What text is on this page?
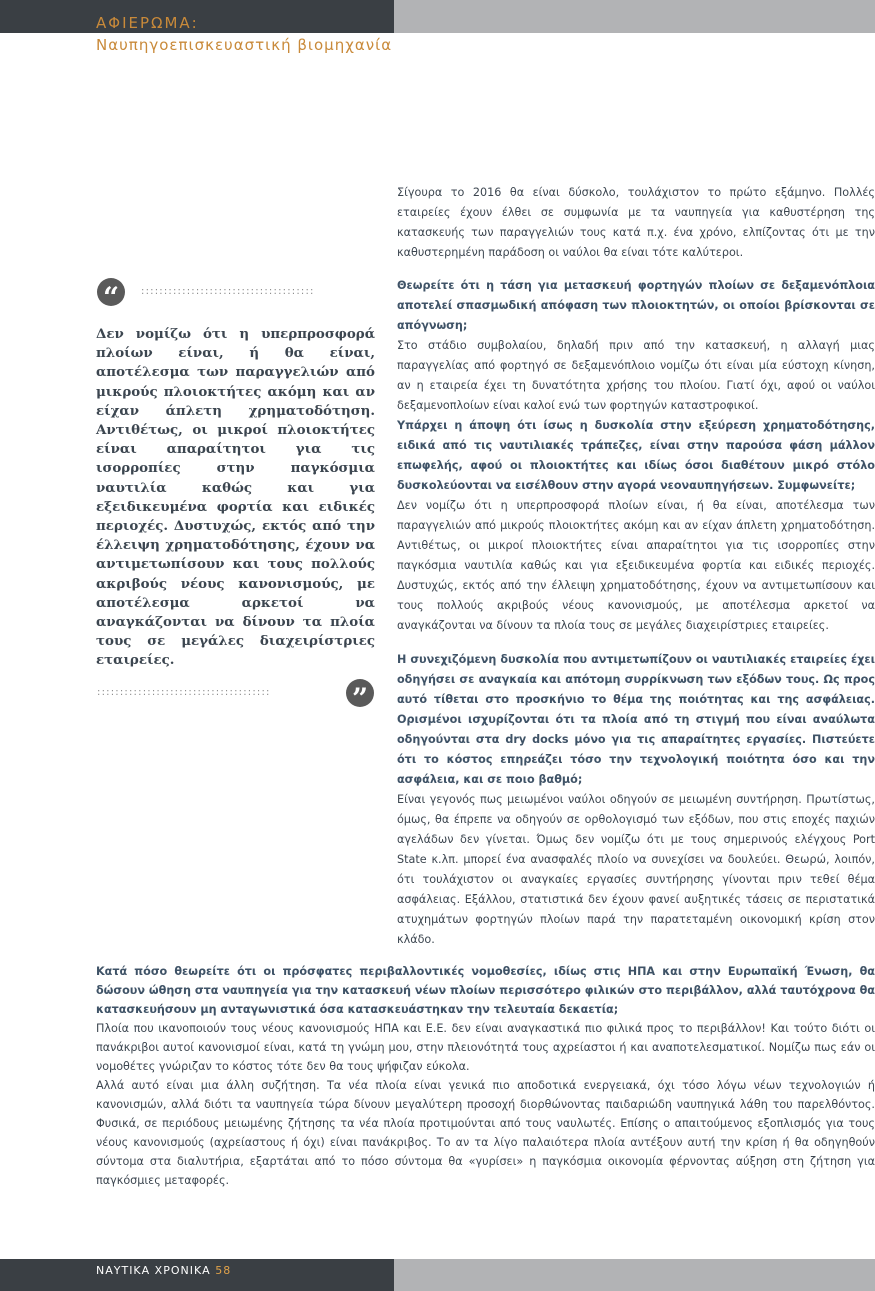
ΑΦΙΕΡΩΜΑ:
Ναυπηγοεπισκευαστική βιομηχανία

Σίγουρα το 2016 θα είναι δύσκολο, τουλάχιστον το πρώτο εξάμηνο. Πολλές εταιρείες έχουν έλθει σε συμφωνία με τα ναυπηγεία για καθυστέρηση της κατασκευής των παραγγελιών τους κατά π.χ. ένα χρόνο, ελπίζοντας ότι με την καθυστερημένη παράδοση οι ναύλοι θα είναι τότε καλύτεροι.

“	::::::::::::::::::::::::::::::::::::::

Δεν νομίζω ότι η υπερπροσφορά πλοίων είναι, ή θα είναι, αποτέλεσμα των παραγγελιών από μικρούς πλοιοκτήτες ακόμη και αν είχαν άπλετη χρηματοδότηση. Αντιθέτως, οι μικροί πλοιοκτήτες είναι απαραίτητοι για τις ισορροπίες στην παγκόσμια ναυτιλία καθώς και για εξειδικευμένα φορτία και ειδικές περιοχές. Δυστυχώς, εκτός από την έλλειψη χρηματοδότησης, έχουν να αντιμετωπίσουν και τους πολλούς ακριβούς νέους κανονισμούς, με αποτέλεσμα αρκετοί να αναγκάζονται να δίνουν τα πλοία τους σε μεγάλες διαχειρίστριες εταιρείες.

::::::::::::::::::::::::::::::::::::::	”

Θεωρείτε ότι η τάση για μετασκευή φορτηγών πλοίων σε δεξαμενόπλοια αποτελεί σπασμωδική απόφαση των πλοιοκτητών, οι οποίοι βρίσκονται σε απόγνωση;

Στο στάδιο συμβολαίου, δηλαδή πριν από την κατασκευή, η αλλαγή μιας παραγγελίας από φορτηγό σε δεξαμενόπλοιο νομίζω ότι είναι μία εύστοχη κίνηση, αν η εταιρεία έχει τη δυνατότητα χρήσης του πλοίου. Γιατί όχι, αφού οι ναύλοι δεξαμενοπλοίων είναι καλοί ενώ των φορτηγών καταστροφικοί.

Υπάρχει η άποψη ότι ίσως η δυσκολία στην εξεύρεση χρηματοδότησης, ειδικά από τις ναυτιλιακές τράπεζες, είναι στην παρούσα φάση μάλλον επωφελής, αφού οι πλοιοκτήτες και ιδίως όσοι διαθέτουν μικρό στόλο δυσκολεύονται να εισέλθουν στην αγορά νεοναυπηγήσεων. Συμφωνείτε;

Δεν νομίζω ότι η υπερπροσφορά πλοίων είναι, ή θα είναι, αποτέλεσμα των παραγγελιών από μικρούς πλοιοκτήτες ακόμη και αν είχαν άπλετη χρηματοδότηση. Αντιθέτως, οι μικροί πλοιοκτήτες είναι απαραίτητοι για τις ισορροπίες στην παγκόσμια ναυτιλία καθώς και για εξειδικευμένα φορτία και ειδικές περιοχές. Δυστυχώς, εκτός από την έλλειψη χρηματοδότησης, έχουν να αντιμετωπίσουν και τους πολλούς ακριβούς νέους κανονισμούς, με αποτέλεσμα αρκετοί να αναγκάζονται να δίνουν τα πλοία τους σε μεγάλες διαχειρίστριες εταιρείες.

Η συνεχιζόμενη δυσκολία που αντιμετωπίζουν οι ναυτιλιακές εταιρείες έχει οδηγήσει σε αναγκαία και απότομη συρρίκνωση των εξόδων τους. Ως προς αυτό τίθεται στο προσκήνιο το θέμα της ποιότητας και της ασφάλειας. Ορισμένοι ισχυρίζονται ότι τα πλοία από τη στιγμή που είναι αναύλωτα οδηγούνται στα dry docks μόνο για τις απαραίτητες εργασίες. Πιστεύετε ότι το κόστος επηρεάζει τόσο την τεχνολογική ποιότητα όσο και την ασφάλεια, και σε ποιο βαθμό;

Είναι γεγονός πως μειωμένοι ναύλοι οδηγούν σε μειωμένη συντήρηση. Πρωτίστως, όμως, θα έπρεπε να οδηγούν σε ορθολογισμό των εξόδων, που στις εποχές παχιών αγελάδων δεν γίνεται. Όμως δεν νομίζω ότι με τους σημερινούς ελέγχους Port State κ.λπ. μπορεί ένα ανασφαλές πλοίο να συνεχίσει να δουλεύει. Θεωρώ, λοιπόν, ότι τουλάχιστον οι αναγκαίες εργασίες συντήρησης γίνονται πριν τεθεί θέμα ασφάλειας. Εξάλλου, στατιστικά δεν έχουν φανεί αυξητικές τάσεις σε περιστατικά ατυχημάτων φορτηγών πλοίων παρά την παρατεταμένη οικονομική κρίση στον κλάδο.

Κατά πόσο θεωρείτε ότι οι πρόσφατες περιβαλλοντικές νομοθεσίες, ιδίως στις ΗΠΑ και στην Ευρωπαϊκή Ένωση, θα δώσουν ώθηση στα ναυπηγεία για την κατασκευή νέων πλοίων περισσότερο φιλικών στο περιβάλλον, αλλά ταυτόχρονα θα κατασκευήσουν μη ανταγωνιστικά όσα κατασκευάστηκαν την τελευταία δεκαετία;

Πλοία που ικανοποιούν τους νέους κανονισμούς ΗΠΑ και Ε.Ε. δεν είναι αναγκαστικά πιο φιλικά προς το περιβάλλον! Και τούτο διότι οι πανάκριβοι αυτοί κανονισμοί είναι, κατά τη γνώμη μου, στην πλειονότητά τους αχρείαστοι ή και αναποτελεσματικοί. Νομίζω πως εάν οι νομοθέτες γνώριζαν το κόστος τότε δεν θα τους ψήφιζαν εύκολα.

Αλλά αυτό είναι μια άλλη συζήτηση. Τα νέα πλοία είναι γενικά πιο αποδοτικά ενεργειακά, όχι τόσο λόγω νέων τεχνολογιών ή κανονισμών, αλλά διότι τα ναυπηγεία τώρα δίνουν μεγαλύτερη προσοχή διορθώνοντας παιδαριώδη ναυπηγικά λάθη του παρελθόντος. Φυσικά, σε περιόδους μειωμένης ζήτησης τα νέα πλοία προτιμούνται από τους ναυλωτές. Επίσης ο απαιτούμενος εξοπλισμός για τους νέους κανονισμούς (αχρείαστους ή όχι) είναι πανάκριβος. Το αν τα λίγο παλαιότερα πλοία αντέξουν αυτή την κρίση ή θα οδηγηθούν σύντομα στα διαλυτήρια, εξαρτάται από το πόσο σύντομα θα «γυρίσει» η παγκόσμια οικονομία φέρνοντας αύξηση στη ζήτηση για παγκόσμιες μεταφορές.

ΝΑΥΤΙΚΑ ΧΡΟΝΙΚΑ 58
